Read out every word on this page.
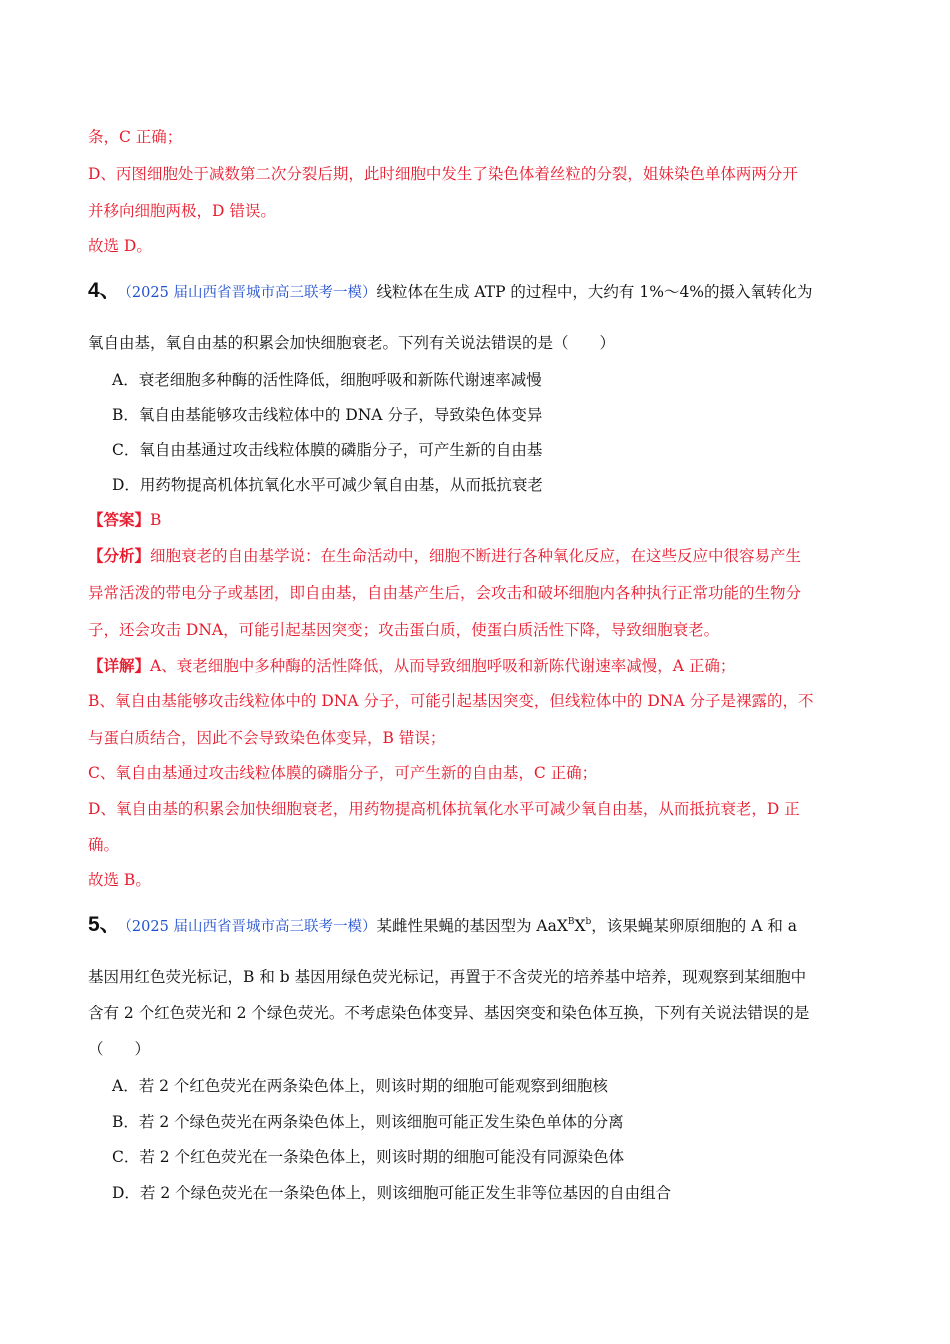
条，C 正确；
D、丙图细胞处于减数第二次分裂后期，此时细胞中发生了染色体着丝粒的分裂，姐妹染色单体两两分开
并移向细胞两极，D 错误。
故选 D。
4、 （2025 届山西省晋城市高三联考一模）线粒体在生成 ATP 的过程中，大约有 1%～4%的摄入氧转化为
氧自由基，氧自由基的积累会加快细胞衰老。下列有关说法错误的是（　　）
A．衰老细胞多种酶的活性降低，细胞呼吸和新陈代谢速率减慢
B．氧自由基能够攻击线粒体中的 DNA 分子，导致染色体变异
C．氧自由基通过攻击线粒体膜的磷脂分子，可产生新的自由基
D．用药物提高机体抗氧化水平可减少氧自由基，从而抵抗衰老
【答案】B
【分析】细胞衰老的自由基学说：在生命活动中，细胞不断进行各种氧化反应，在这些反应中很容易产生
异常活泼的带电分子或基团，即自由基，自由基产生后，会攻击和破坏细胞内各种执行正常功能的生物分
子，还会攻击 DNA，可能引起基因突变；攻击蛋白质，使蛋白质活性下降，导致细胞衰老。
【详解】A、衰老细胞中多种酶的活性降低，从而导致细胞呼吸和新陈代谢速率减慢，A 正确；
B、氧自由基能够攻击线粒体中的 DNA 分子，可能引起基因突变，但线粒体中的 DNA 分子是裸露的，不
与蛋白质结合，因此不会导致染色体变异，B 错误；
C、氧自由基通过攻击线粒体膜的磷脂分子，可产生新的自由基，C 正确；
D、氧自由基的积累会加快细胞衰老，用药物提高机体抗氧化水平可减少氧自由基，从而抵抗衰老，D 正
确。
故选 B。
5、 （2025 届山西省晋城市高三联考一模）某雌性果蝇的基因型为 $AaX^BX^b$，该果蝇某卵原细胞的 A 和 a
基因用红色荧光标记，B 和 b 基因用绿色荧光标记，再置于不含荧光的培养基中培养，现观察到某细胞中
含有 2 个红色荧光和 2 个绿色荧光。不考虑染色体变异、基因突变和染色体互换，下列有关说法错误的是
（　　）
A．若 2 个红色荧光在两条染色体上，则该时期的细胞可能观察到细胞核
B．若 2 个绿色荧光在两条染色体上，则该细胞可能正发生染色单体的分离
C．若 2 个红色荧光在一条染色体上，则该时期的细胞可能没有同源染色体
D．若 2 个绿色荧光在一条染色体上，则该细胞可能正发生非等位基因的自由组合
